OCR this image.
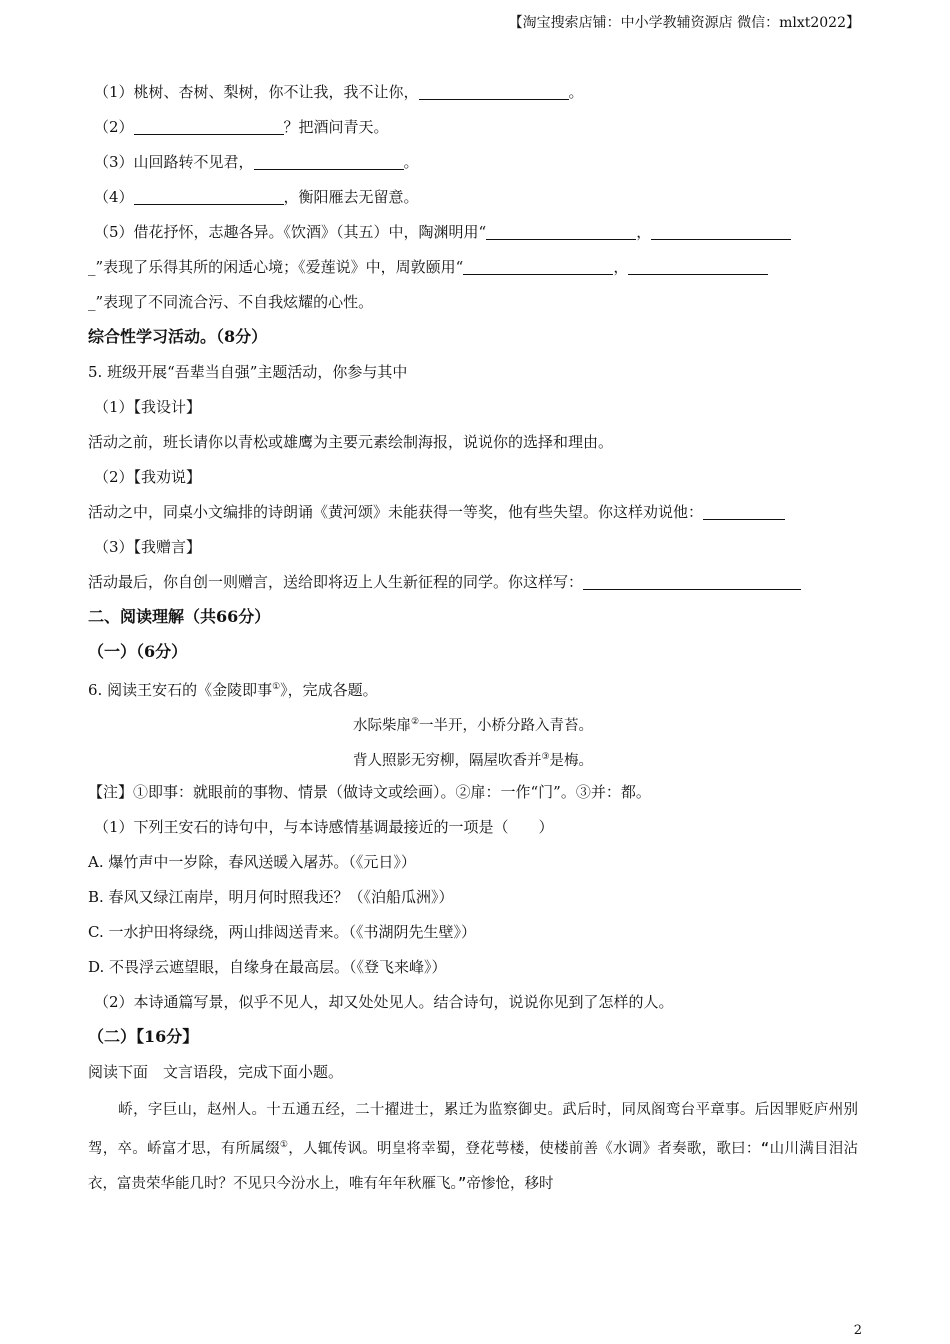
【淘宝搜索店铺：中小学教辅资源店 微信：mlxt2022】
（1）桃树、杏树、梨树，你不让我，我不让你，	。
（2）	？把酒问青天。
（3）山回路转不见君，	。
（4）	，衡阳雁去无留意。
（5）借花抒怀，志趣各异。《饮酒》（其五）中，陶渊明用“	，
_”表现了乐得其所的闲适心境；《爱莲说》中，周敦颐用“	，
_”表现了不同流合污、不自我炫耀的心性。
综合性学习活动。（8分）
5. 班级开展“吾辈当自强”主题活动，你参与其中
（1）【我设计】
活动之前，班长请你以青松或雄鹰为主要元素绘制海报，说说你的选择和理由。
（2）【我劝说】
活动之中，同桌小文编排的诗朗诵《黄河颂》未能获得一等奖，他有些失望。你这样劝说他：
（3）【我赠言】
活动最后，你自创一则赠言，送给即将迈上人生新征程的同学。你这样写：
二、阅读理解（共66分）
（一）（6分）
6. 阅读王安石的《金陵即事①》，完成各题。
水际柴扉②一半开，小桥分路入青苔。
背人照影无穷柳，隔屋吹香并③是梅。
【注】①即事：就眼前的事物、情景（做诗文或绘画）。②扉：一作“门”。③并：都。
（1）下列王安石的诗句中，与本诗感情基调最接近的一项是（　　）
A. 爆竹声中一岁除，春风送暖入屠苏。（《元日》）
B. 春风又绿江南岸，明月何时照我还？（《泊船瓜洲》）
C. 一水护田将绿绕，两山排闼送青来。（《书湖阴先生壁》）
D. 不畏浮云遮望眼，自缘身在最高层。（《登飞来峰》）
（2）本诗通篇写景，似乎不见人，却又处处见人。结合诗句，说说你见到了怎样的人。
（二）【16分】
阅读下面　文言语段，完成下面小题。
峤，字巨山，赵州人。十五通五经，二十擢进士，累迁为监察御史。武后时，同凤阁鸾台平章事。后因罪贬庐州别驾，卒。峤富才思，有所属缀①，人辄传讽。明皇将幸蜀，登花萼楼，使楼前善《水调》者奏歌，歌曰：“山川满目泪沾衣，富贵荣华能几时？不见只今汾水上，唯有年年秋雁飞。”帝惨怆，移时
2
